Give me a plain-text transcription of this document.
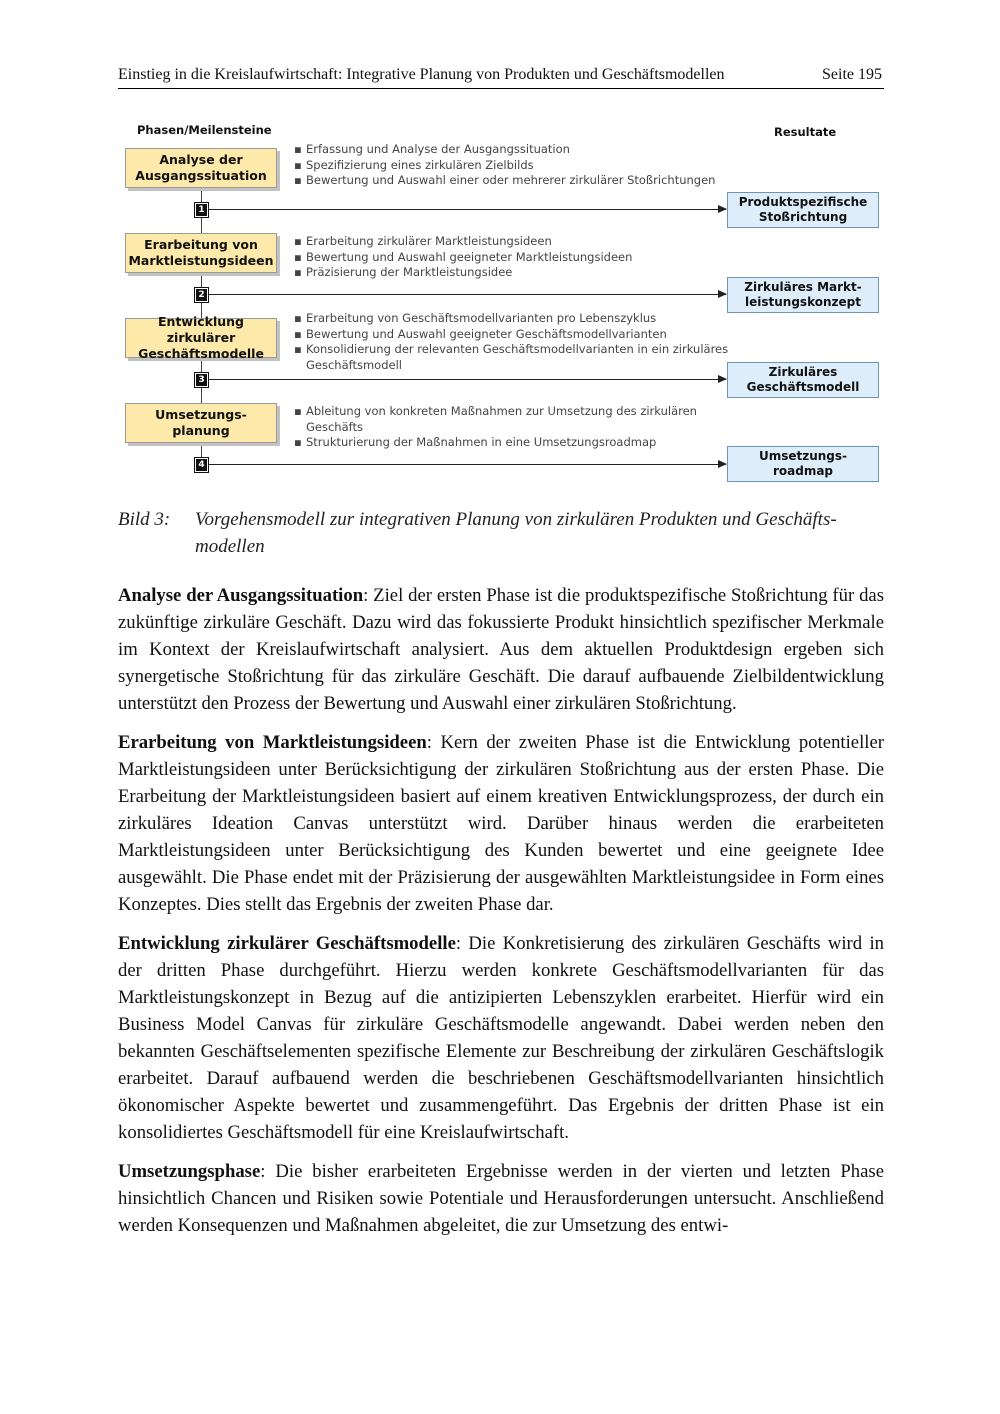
Einstieg in die Kreislaufwirtschaft: Integrative Planung von Produkten und Geschäftsmodellen	Seite 195
Phasen/Meilensteine	Resultate
Analyse der Ausgangssituation
▪ Erfassung und Analyse der Ausgangssituation
▪ Spezifizierung eines zirkulären Zielbilds
▪ Bewertung und Auswahl einer oder mehrerer zirkulärer Stoßrichtungen
1
Produktspezifische Stoßrichtung
Erarbeitung von Marktleistungsideen
▪ Erarbeitung zirkulärer Marktleistungsideen
▪ Bewertung und Auswahl geeigneter Marktleistungsideen
▪ Präzisierung der Marktleistungsidee
2
Zirkuläres Markt- leistungskonzept
Entwicklung zirkulärer Geschäftsmodelle
▪ Erarbeitung von Geschäftsmodellvarianten pro Lebenszyklus
▪ Bewertung und Auswahl geeigneter Geschäftsmodellvarianten
▪ Konsolidierung der relevanten Geschäftsmodellvarianten in ein zirkuläres Geschäftsmodell
3
Zirkuläres Geschäftsmodell
Umsetzungs- planung
▪ Ableitung von konkreten Maßnahmen zur Umsetzung des zirkulären Geschäfts
▪ Strukturierung der Maßnahmen in eine Umsetzungsroadmap
4
Umsetzungs- roadmap
Bild 3: Vorgehensmodell zur integrativen Planung von zirkulären Produkten und Geschäftsmodellen

Analyse der Ausgangssituation: Ziel der ersten Phase ist die produktspezifische Stoßrichtung für das zukünftige zirkuläre Geschäft. Dazu wird das fokussierte Produkt hinsichtlich spezifischer Merkmale im Kontext der Kreislaufwirtschaft analysiert. Aus dem aktuellen Produktdesign ergeben sich synergetische Stoßrichtung für das zirkuläre Geschäft. Die darauf aufbauende Zielbildentwicklung unterstützt den Prozess der Bewertung und Auswahl einer zirkulären Stoßrichtung.

Erarbeitung von Marktleistungsideen: Kern der zweiten Phase ist die Entwicklung potentieller Marktleistungsideen unter Berücksichtigung der zirkulären Stoßrichtung aus der ersten Phase. Die Erarbeitung der Marktleistungsideen basiert auf einem kreativen Entwicklungsprozess, der durch ein zirkuläres Ideation Canvas unterstützt wird. Darüber hinaus werden die erarbeiteten Marktleistungsideen unter Berücksichtigung des Kunden bewertet und eine geeignete Idee ausgewählt. Die Phase endet mit der Präzisierung der ausgewählten Marktleistungsidee in Form eines Konzeptes. Dies stellt das Ergebnis der zweiten Phase dar.

Entwicklung zirkulärer Geschäftsmodelle: Die Konkretisierung des zirkulären Geschäfts wird in der dritten Phase durchgeführt. Hierzu werden konkrete Geschäftsmodellvarianten für das Marktleistungskonzept in Bezug auf die antizipierten Lebenszyklen erarbeitet. Hierfür wird ein Business Model Canvas für zirkuläre Geschäftsmodelle angewandt. Dabei werden neben den bekannten Geschäftselementen spezifische Elemente zur Beschreibung der zirkulären Geschäftslogik erarbeitet. Darauf aufbauend werden die beschriebenen Geschäftsmodellvarianten hinsichtlich ökonomischer Aspekte bewertet und zusammengeführt. Das Ergebnis der dritten Phase ist ein konsolidiertes Geschäftsmodell für eine Kreislaufwirtschaft.

Umsetzungsphase: Die bisher erarbeiteten Ergebnisse werden in der vierten und letzten Phase hinsichtlich Chancen und Risiken sowie Potentiale und Herausforderungen untersucht. Anschließend werden Konsequenzen und Maßnahmen abgeleitet, die zur Umsetzung des entwi-
